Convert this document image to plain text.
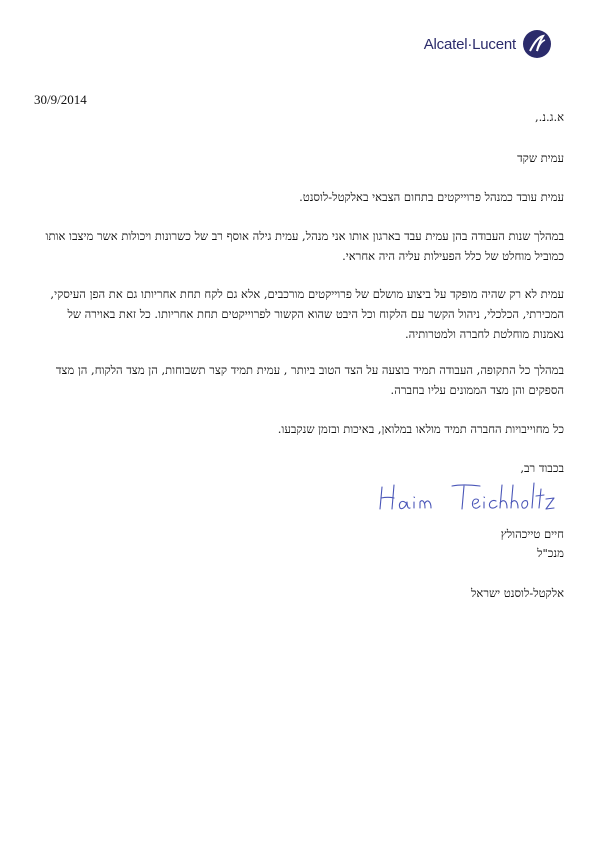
Alcatel·Lucent
30/9/2014

א.ג.נ.,

עמית שקד

עמית עובד כמנהל פרוייקטים בתחום הצבאי באלקטל-לוסנט.

במהלך שנות העבודה בהן עמית עבד בארגון אותו אני מנהל, עמית גילה אוסף רב של כשרונות ויכולות אשר מיצבו אותו כמוביל מוחלט של כלל הפעילות עליה היה אחראי.

עמית לא רק שהיה מופקד על ביצוע מושלם של פרוייקטים מורכבים, אלא גם לקח תחת אחריותו גם את הפן העיסקי, המכירתי, הכלכלי, ניהול הקשר עם הלקוח וכל היבט שהוא הקשור לפרוייקטים תחת אחריותו. כל זאת באוירה של נאמנות מוחלטת לחברה ולמטרותיה.

במהלך כל התקופה, העבודה תמיד בוצעה על הצד הטוב ביותר , עמית תמיד קצר תשבוחות, הן מצד הלקוח, הן מצד הספקים והן מצד הממונים עליו בחברה.

כל מחוייבויות החברה תמיד מולאו במלואן, באיכות ובזמן שנקבעו.

בכבוד רב,

חיים טייכהולץ

מנכ"ל

אלקטל-לוסנט ישראל
